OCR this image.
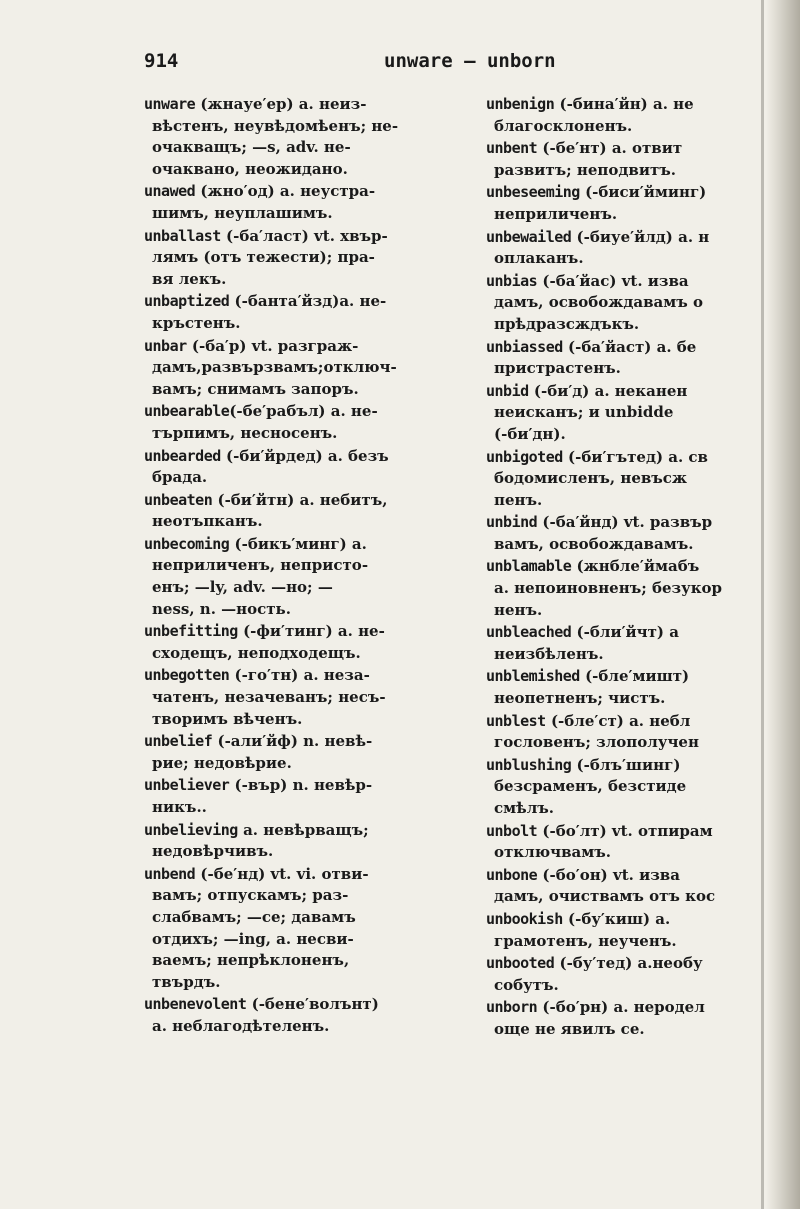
914	unware — unborn
unware (жнауе′ер) a. неиз-
вѣстенъ, неувѣдомѣенъ; не-
очакващъ; —s, adv. не-
очаквано, неожидано.
unawed (жно′од) a. неустра-
шимъ, неуплашимъ.
unballast (-ба′ласт) vt. хвър-
лямъ (отъ тежести); пра-
вя лекъ.
unbaptized (-банта′йзд)a. не-
кръстенъ.
unbar (-ба′р) vt. разграж-
дамъ,развързвамъ;отключ-
вамъ; снимамъ запоръ.
unbearable(-бе′рабъл) a. не-
търпимъ, несносенъ.
unbearded (-би′йрдед) a. безъ
брада.
unbeaten (-би′йтн) a. небитъ,
неотъпканъ.
unbecoming (-бикъ′минг) a.
неприличенъ, непристо-
енъ; —ly, adv. —но; —
ness, n. —ность.
unbefitting (-фи′тинг) a. не-
сходещъ, неподходещъ.
unbegotten (-го′тн) a. неза-
чатенъ, незачеванъ; несъ-
творимъ вѣченъ.
unbelief (-али′йф) n. невѣ-
рие; недовѣрие.
unbeliever (-вър) n. невѣр-
никъ..
unbelieving a. невѣрващъ;
недовѣрчивъ.
unbend (-бе′нд) vt. vi. отви-
вамъ; отпускамъ; раз-
слабвамъ; —се; давамъ
отдихъ; —ing, a. несви-
ваемъ; непрѣклоненъ,
твърдъ.
unbenevolent (-бене′волънт)
a. неблагодѣтеленъ.
unbenign (-бина′йн) a. не
благосклоненъ.
unbent (-бе′нт) a. отвит
развитъ; неподвитъ.
unbeseeming (-биси′йминг)
неприличенъ.
unbewailed (-биуе′йлд) a. н
оплаканъ.
unbias (-ба′йас) vt. изва
дамъ, освобождавамъ о
прѣдразсждъкъ.
unbiassed (-ба′йаст) a. бе
пристрастенъ.
unbid (-би′д) a. неканен
неисканъ; и unbidde
(-би′дн).
unbigoted (-би′гътед) a. св
бодомисленъ, невъсж
пенъ.
unbind (-ба′йнд) vt. развър
вамъ, освобождавамъ.
unblamable (жнбле′ймабъ
a. непоиновненъ; безукор
ненъ.
unbleached (-бли′йчт) a
неизбѣленъ.
unblemished (-бле′мишт)
неопетненъ; чистъ.
unblest (-бле′ст) a. небл
гословенъ; злополучен
unblushing (-блъ′шинг)
безсраменъ, безстиде
смѣлъ.
unbolt (-бо′лт) vt. отпирам
отключвамъ.
unbone (-бо′он) vt. изва
дамъ, очиствамъ отъ кос
unbookish (-бу′киш) a.
грамотенъ, неученъ.
unbooted (-бу′тед) a.необу
собутъ.
unborn (-бо′рн) a. неродел
още не явилъ се.
